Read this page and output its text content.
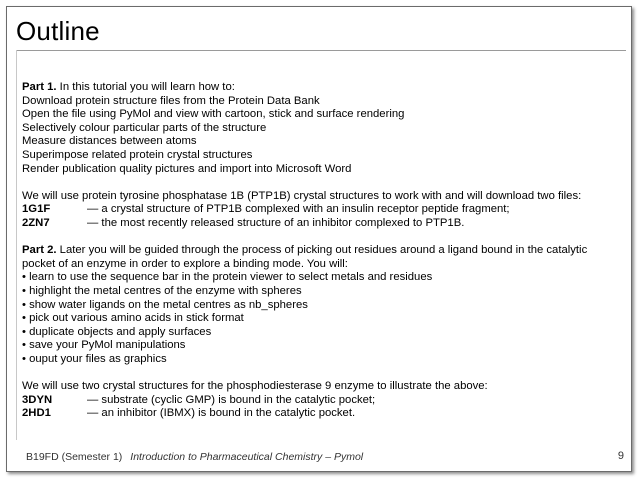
Outline
Part 1. In this tutorial you will learn how to:
Download protein structure files from the Protein Data Bank
Open the file using PyMol and view with cartoon, stick and surface rendering
Selectively colour particular parts of the structure
Measure distances between atoms
Superimpose related protein crystal structures
Render publication quality pictures and import into Microsoft Word
We will use protein tyrosine phosphatase 1B (PTP1B) crystal structures to work with and will download two files:
1G1F	— a crystal structure of PTP1B complexed with an insulin receptor peptide fragment;
2ZN7	— the most recently released structure of an inhibitor complexed to PTP1B.
Part 2. Later you will be guided through the process of picking out residues around a ligand bound in the catalytic
pocket of an enzyme in order to explore a binding mode. You will:
• learn to use the sequence bar in the protein viewer to select metals and residues
• highlight the metal centres of the enzyme with spheres
• show water ligands on the metal centres as nb_spheres
• pick out various amino acids in stick format
• duplicate objects and apply surfaces
• save your PyMol manipulations
• ouput your files as graphics
We will use two crystal structures for the phosphodiesterase 9 enzyme to illustrate the above:
3DYN	— substrate (cyclic GMP) is bound in the catalytic pocket;
2HD1	— an inhibitor (IBMX) is bound in the catalytic pocket.
B19FD (Semester 1) Introduction to Pharmaceutical Chemistry – Pymol	9
